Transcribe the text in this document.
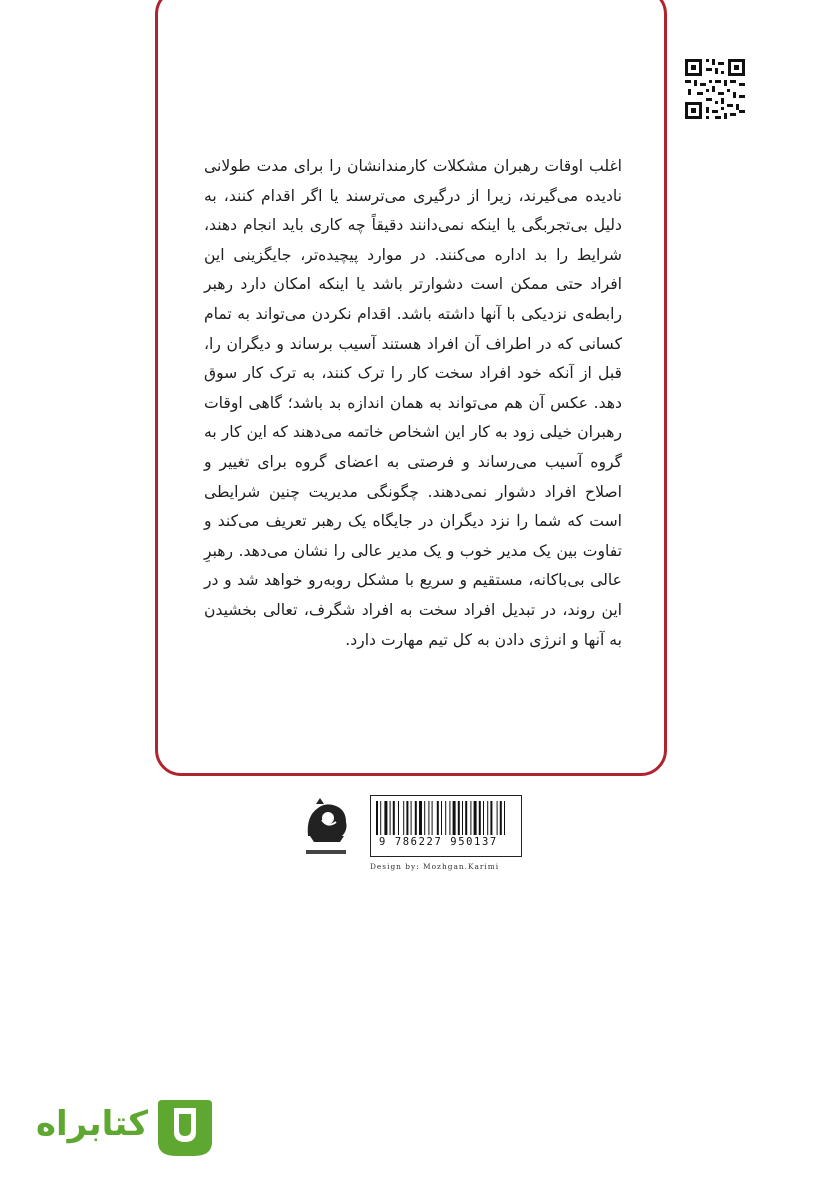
اغلب اوقات رهبران مشکلات کارمندانشان را برای مدت طولانی نادیده می‌گیرند، زیرا از درگیری می‌ترسند یا اگر اقدام کنند، به دلیل بی‌تجربگی یا اینکه نمی‌دانند دقیقاً چه کاری باید انجام دهند، شرایط را بد اداره می‌کنند. در موارد پیچیده‌تر، جایگزینی این افراد حتی ممکن است دشوارتر باشد یا اینکه امکان دارد رهبر رابطه‌ی نزدیکی با آنها داشته باشد. اقدام نکردن می‌تواند به تمام کسانی که در اطراف آن افراد هستند آسیب برساند و دیگران را، قبل از آنکه خود افراد سخت کار را ترک کنند، به ترک کار سوق دهد. عکس آن هم می‌تواند به همان اندازه بد باشد؛ گاهی اوقات رهبران خیلی زود به کار این اشخاص خاتمه می‌دهند که این کار به گروه آسیب می‌رساند و فرصتی به اعضای گروه برای تغییر و اصلاح افراد دشوار نمی‌دهند. چگونگی مدیریت چنین شرایطی است که شما را نزد دیگران در جایگاه یک رهبر تعریف می‌کند و تفاوت بین یک مدیر خوب و یک مدیر عالی را نشان می‌دهد. رهبرِ عالی بی‌باکانه، مستقیم و سریع با مشکل روبه‌رو خواهد شد و در این روند، در تبدیل افراد سخت به افراد شگرف، تعالی بخشیدن به آنها و انرژی دادن به کل تیم مهارت دارد.

9 786227 950137
Design by: Mozhgan.Karimi
کتابراه
